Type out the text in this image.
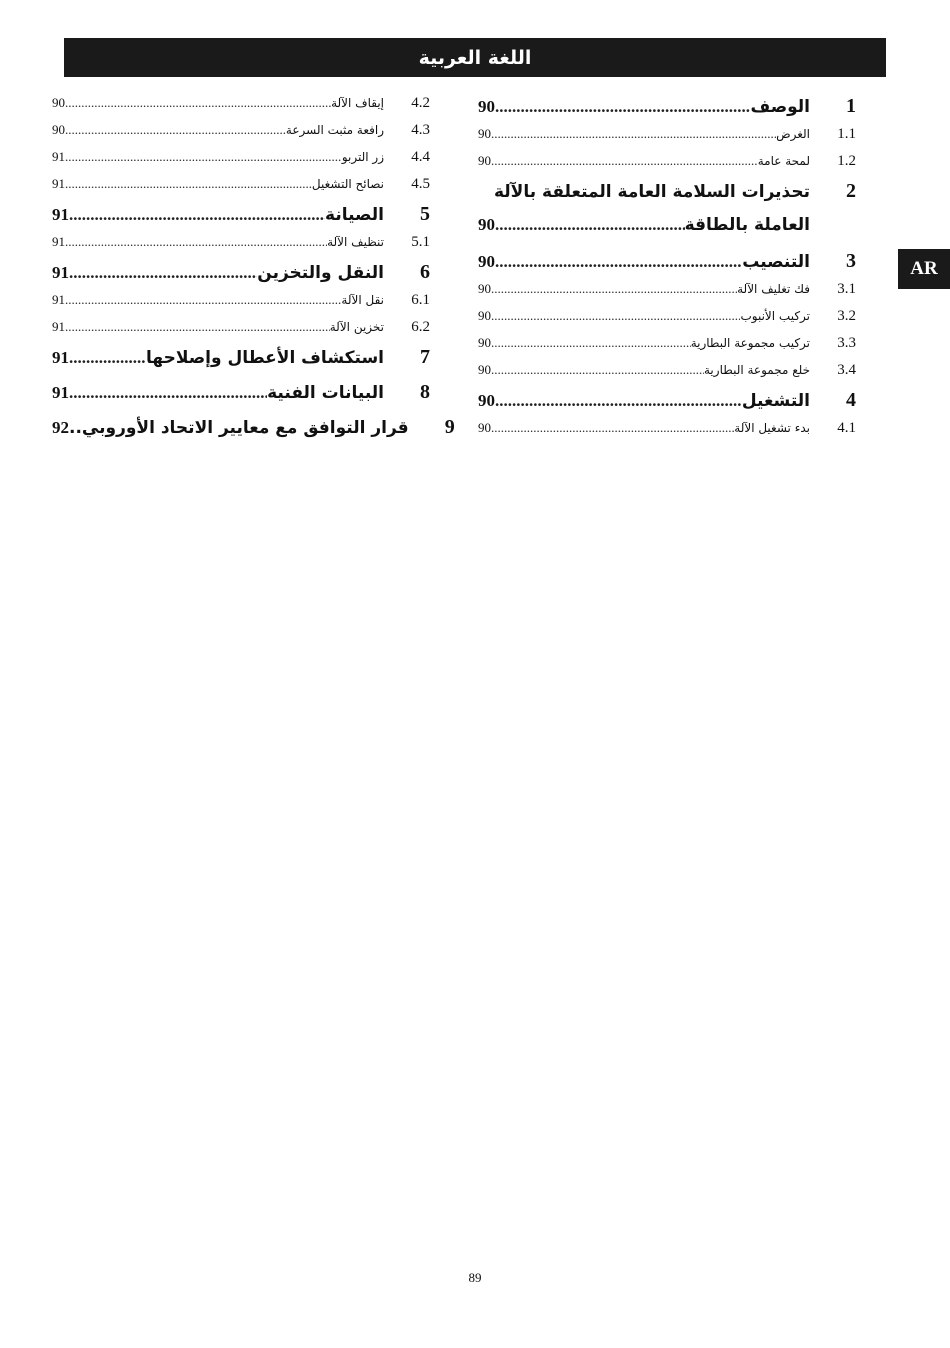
اللغة العربية
AR
90 .....	الوصف	1
90 .....	الغرض	1.1
90 .....	لمحة عامة	1.2
تحذيرات السلامة العامة المتعلقة بالآلة	2
90 .....	العاملة بالطاقة
90 .....	التنصيب	3
90 .....	فك تغليف الآلة	3.1
90 .....	تركيب الأنبوب	3.2
90 .....	تركيب مجموعة البطارية	3.3
90 .....	خلع مجموعة البطارية	3.4
90 .....	التشغيل	4
90 .....	بدء تشغيل الآلة	4.1
90 .....	إيقاف الآلة	4.2
90 .....	رافعة مثبت السرعة	4.3
91 .....	زر التربو	4.4
91 .....	نصائح التشغيل	4.5
91 .....	الصيانة	5
91 .....	تنظيف الآلة	5.1
91 .....	النقل والتخزين	6
91 .....	نقل الآلة	6.1
91 .....	تخزين الآلة	6.2
91 .....	استكشاف الأعطال وإصلاحها	7
91 .....	البيانات الفنية	8
92 قرار التوافق مع معايير الاتحاد الأوروبي..	9
89
